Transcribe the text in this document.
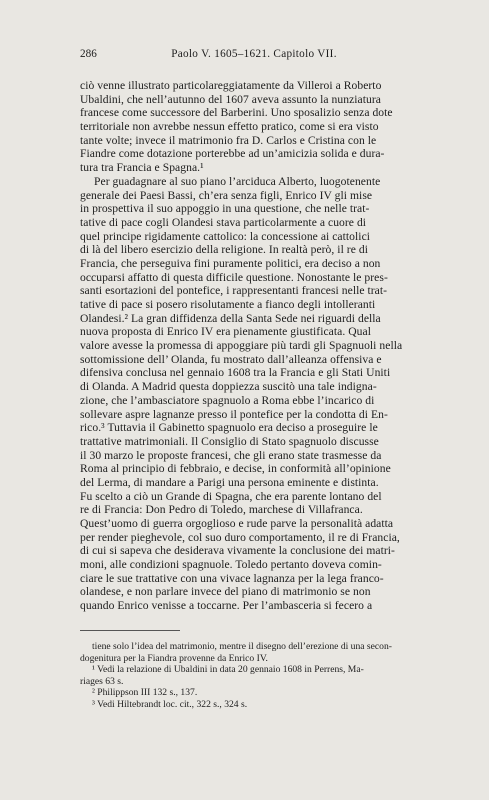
286	Paolo V. 1605–1621. Capitolo VII.
ciò venne illustrato particolareggiatamente da Villeroi a Roberto
Ubaldini, che nell’autunno del 1607 aveva assunto la nunziatura
francese come successore del Barberini. Uno sposalizio senza dote
territoriale non avrebbe nessun effetto pratico, come si era visto
tante volte; invece il matrimonio fra D. Carlos e Cristina con le
Fiandre come dotazione porterebbe ad un’amicizia solida e dura-
tura tra Francia e Spagna.¹
Per guadagnare al suo piano l’arciduca Alberto, luogotenente
generale dei Paesi Bassi, ch’era senza figli, Enrico IV gli mise
in prospettiva il suo appoggio in una questione, che nelle trat-
tative di pace cogli Olandesi stava particolarmente a cuore di
quel principe rigidamente cattolico: la concessione ai cattolici
di là del libero esercizio della religione. In realtà però, il re di
Francia, che perseguiva fini puramente politici, era deciso a non
occuparsi affatto di questa difficile questione. Nonostante le pres-
santi esortazioni del pontefice, i rappresentanti francesi nelle trat-
tative di pace si posero risolutamente a fianco degli intolleranti
Olandesi.² La gran diffidenza della Santa Sede nei riguardi della
nuova proposta di Enrico IV era pienamente giustificata. Qual
valore avesse la promessa di appoggiare più tardi gli Spagnuoli nella
sottomissione dell’ Olanda, fu mostrato dall’alleanza offensiva e
difensiva conclusa nel gennaio 1608 tra la Francia e gli Stati Uniti
di Olanda. A Madrid questa doppiezza suscitò una tale indigna-
zione, che l’ambasciatore spagnuolo a Roma ebbe l’incarico di
sollevare aspre lagnanze presso il pontefice per la condotta di En-
rico.³ Tuttavia il Gabinetto spagnuolo era deciso a proseguire le
trattative matrimoniali. Il Consiglio di Stato spagnuolo discusse
il 30 marzo le proposte francesi, che gli erano state trasmesse da
Roma al principio di febbraio, e decise, in conformità all’opinione
del Lerma, di mandare a Parigi una persona eminente e distinta.
Fu scelto a ciò un Grande di Spagna, che era parente lontano del
re di Francia: Don Pedro di Toledo, marchese di Villafranca.
Quest’uomo di guerra orgoglioso e rude parve la personalità adatta
per render pieghevole, col suo duro comportamento, il re di Francia,
di cui si sapeva che desiderava vivamente la conclusione dei matri-
moni, alle condizioni spagnuole. Toledo pertanto doveva comin-
ciare le sue trattative con una vivace lagnanza per la lega franco-
olandese, e non parlare invece del piano di matrimonio se non
quando Enrico venisse a toccarne. Per l’ambasceria si fecero a
tiene solo l’idea del matrimonio, mentre il disegno dell’erezione di una secon-
dogenitura per la Fiandra provenne da Enrico IV.
¹ Vedi la relazione di Ubaldini in data 20 gennaio 1608 in Perrens, Ma-
riages 63 s.
² Philippson III 132 s., 137.
³ Vedi Hiltebrandt loc. cit., 322 s., 324 s.
